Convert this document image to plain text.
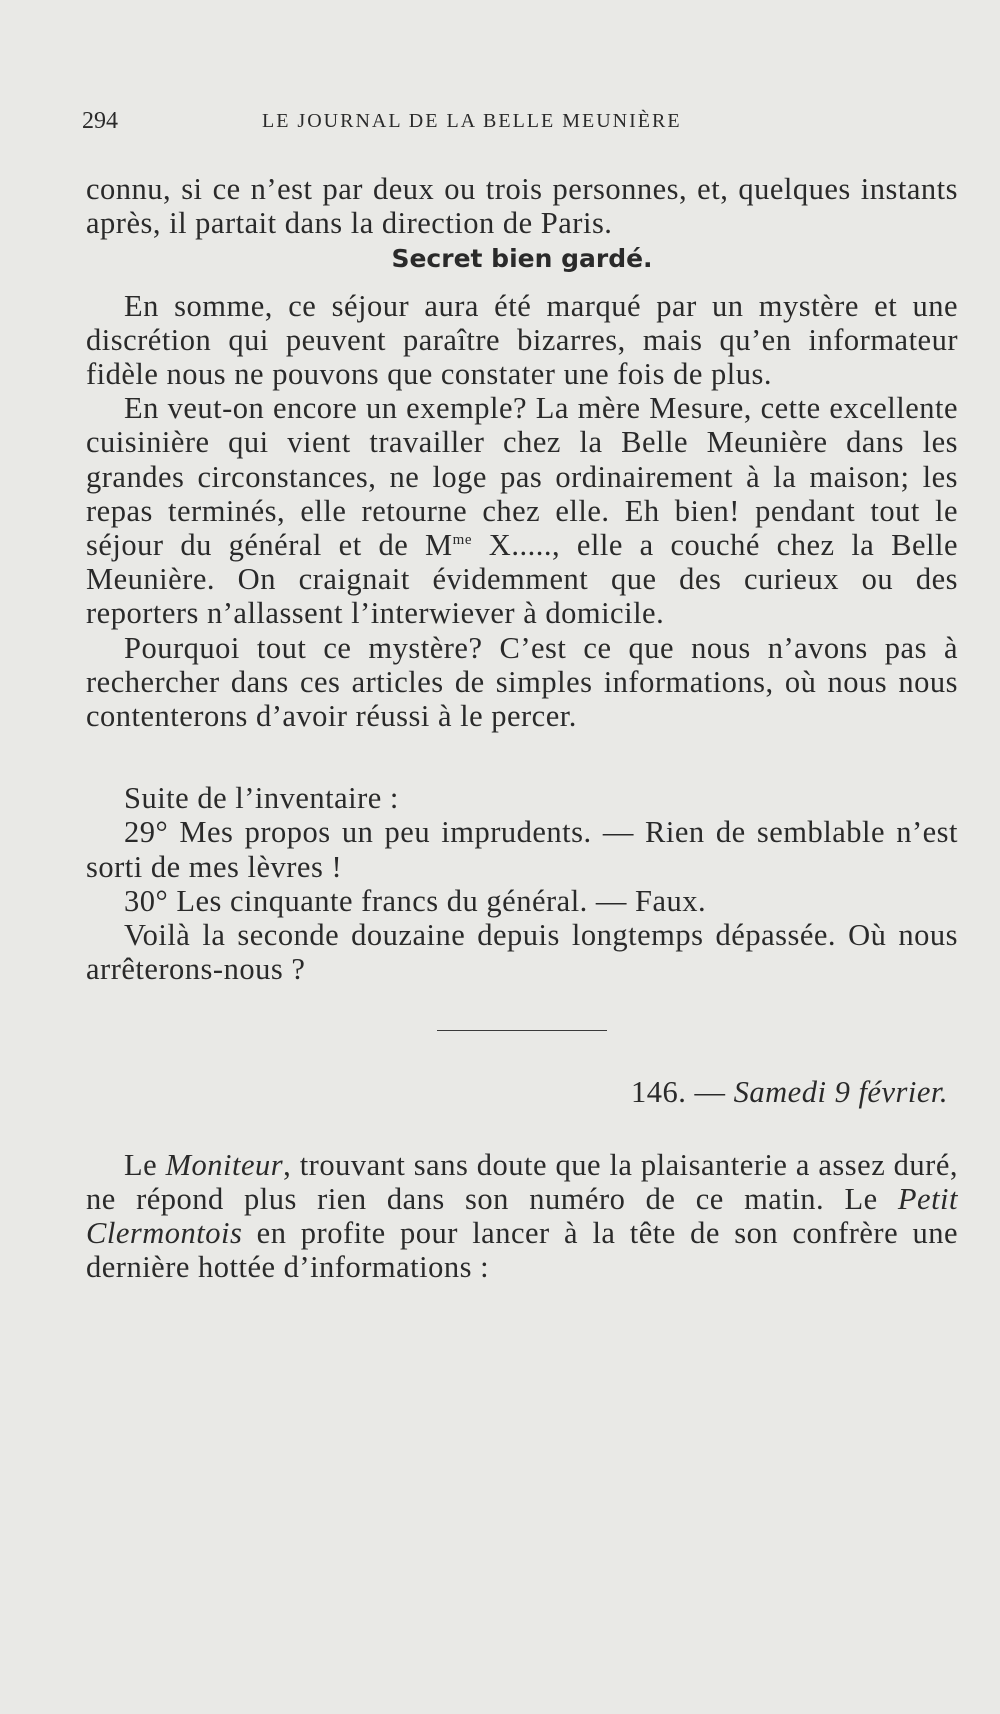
294	LE JOURNAL DE LA BELLE MEUNIÈRE

connu, si ce n’est par deux ou trois personnes, et, quelques instants après, il partait dans la direction de Paris.

Secret bien gardé.

En somme, ce séjour aura été marqué par un mystère et une discrétion qui peuvent paraître bizarres, mais qu’en informateur fidèle nous ne pouvons que constater une fois de plus.

En veut-on encore un exemple? La mère Mesure, cette excellente cuisinière qui vient travailler chez la Belle Meunière dans les grandes circonstances, ne loge pas ordinairement à la maison; les repas terminés, elle retourne chez elle. Eh bien! pendant tout le séjour du général et de $M^{me}$ X....., elle a couché chez la Belle Meunière. On craignait évidemment que des curieux ou des reporters n’allassent l’interwiever à domicile.

Pourquoi tout ce mystère? C’est ce que nous n’avons pas à rechercher dans ces articles de simples informations, où nous nous contenterons d’avoir réussi à le percer.

Suite de l’inventaire :

29° Mes propos un peu imprudents. — Rien de semblable n’est sorti de mes lèvres !

30° Les cinquante francs du général. — Faux.

Voilà la seconde douzaine depuis longtemps dépassée. Où nous arrêterons-nous ?

146. — Samedi 9 février.

Le Moniteur, trouvant sans doute que la plaisanterie a assez duré, ne répond plus rien dans son numéro de ce matin. Le Petit Clermontois en profite pour lancer à la tête de son confrère une dernière hottée d’informations :
